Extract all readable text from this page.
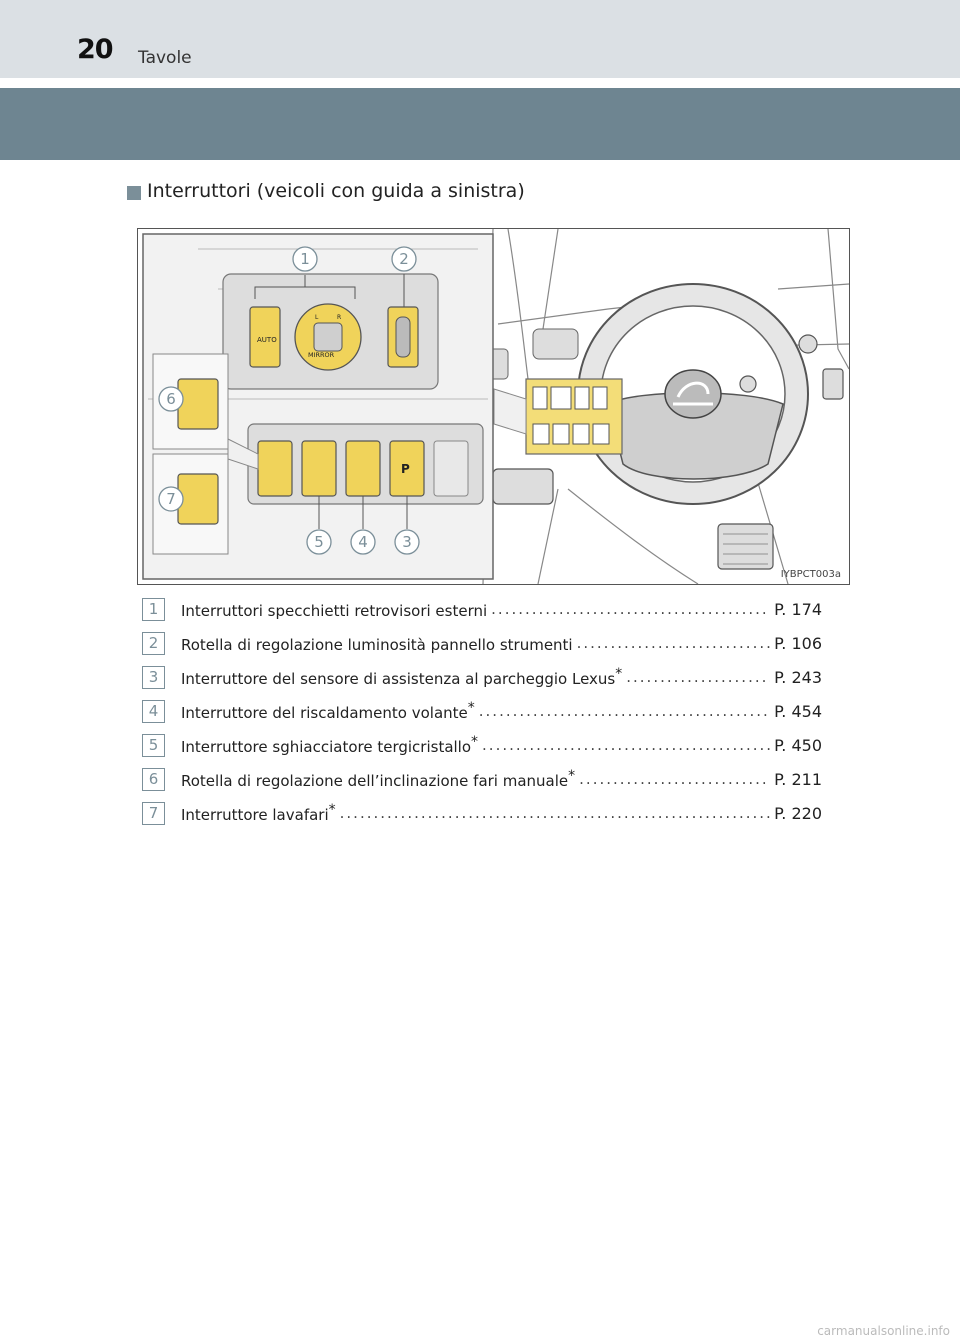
20 Tavole
Interruttori (veicoli con guida a sinistra)
AUTO
MIRROR
L	R
P
1	2
3
4
5
6
7
IYBPCT003a
1	Interruttori specchietti retrovisori esterni .....	P. 174
2	Rotella di regolazione luminosità pannello strumenti .....	P. 106
3	Interruttore del sensore di assistenza al parcheggio Lexus* .....	P. 243
4	Interruttore del riscaldamento volante* .....	P. 454
5	Interruttore sghiacciatore tergicristallo* .....	P. 450
6	Rotella di regolazione dell’inclinazione fari manuale* .....	P. 211
7	Interruttore lavafari* .....	P. 220
carmanualsonline.info
